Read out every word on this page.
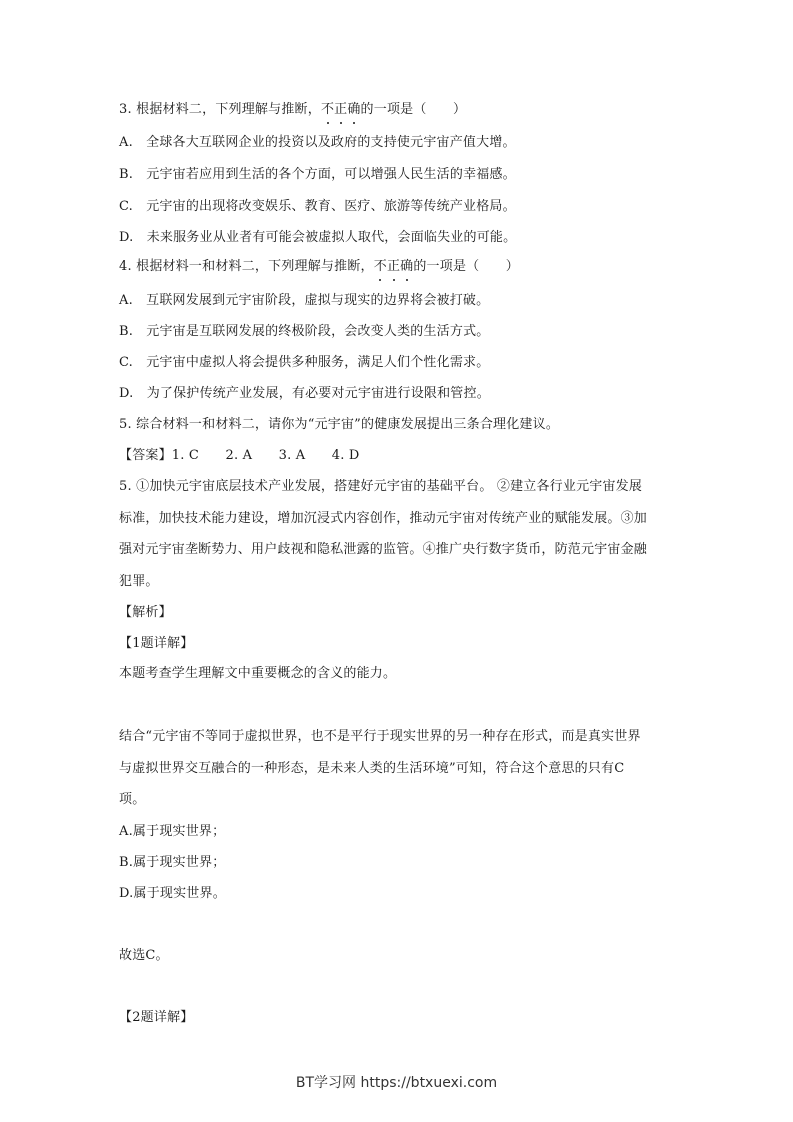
3. 根据材料二，下列理解与推断，不正确的一项是（　　）
A.　全球各大互联网企业的投资以及政府的支持使元宇宙产值大增。
B.　元宇宙若应用到生活的各个方面，可以增强人民生活的幸福感。
C.　元宇宙的出现将改变娱乐、教育、医疗、旅游等传统产业格局。
D.　未来服务业从业者有可能会被虚拟人取代，会面临失业的可能。
4. 根据材料一和材料二，下列理解与推断，不正确的一项是（　　）
A.　互联网发展到元宇宙阶段，虚拟与现实的边界将会被打破。
B.　元宇宙是互联网发展的终极阶段，会改变人类的生活方式。
C.　元宇宙中虚拟人将会提供多种服务，满足人们个性化需求。
D.　为了保护传统产业发展，有必要对元宇宙进行设限和管控。
5. 综合材料一和材料二，请你为“元宇宙”的健康发展提出三条合理化建议。
【答案】1. C　　2. A　　3. A　　4. D
5. ①加快元宇宙底层技术产业发展，搭建好元宇宙的基础平台。 ②建立各行业元宇宙发展
标准，加快技术能力建设，增加沉浸式内容创作，推动元宇宙对传统产业的赋能发展。③加
强对元宇宙垄断势力、用户歧视和隐私泄露的监管。④推广央行数字货币，防范元宇宙金融
犯罪。
【解析】
【1题详解】
本题考查学生理解文中重要概念的含义的能力。
结合“元宇宙不等同于虚拟世界，也不是平行于现实世界的另一种存在形式，而是真实世界
与虚拟世界交互融合的一种形态，是未来人类的生活环境”可知，符合这个意思的只有C
项。
A.属于现实世界；
B.属于现实世界；
D.属于现实世界。
故选C。
【2题详解】
BT学习网 https://btxuexi.com
